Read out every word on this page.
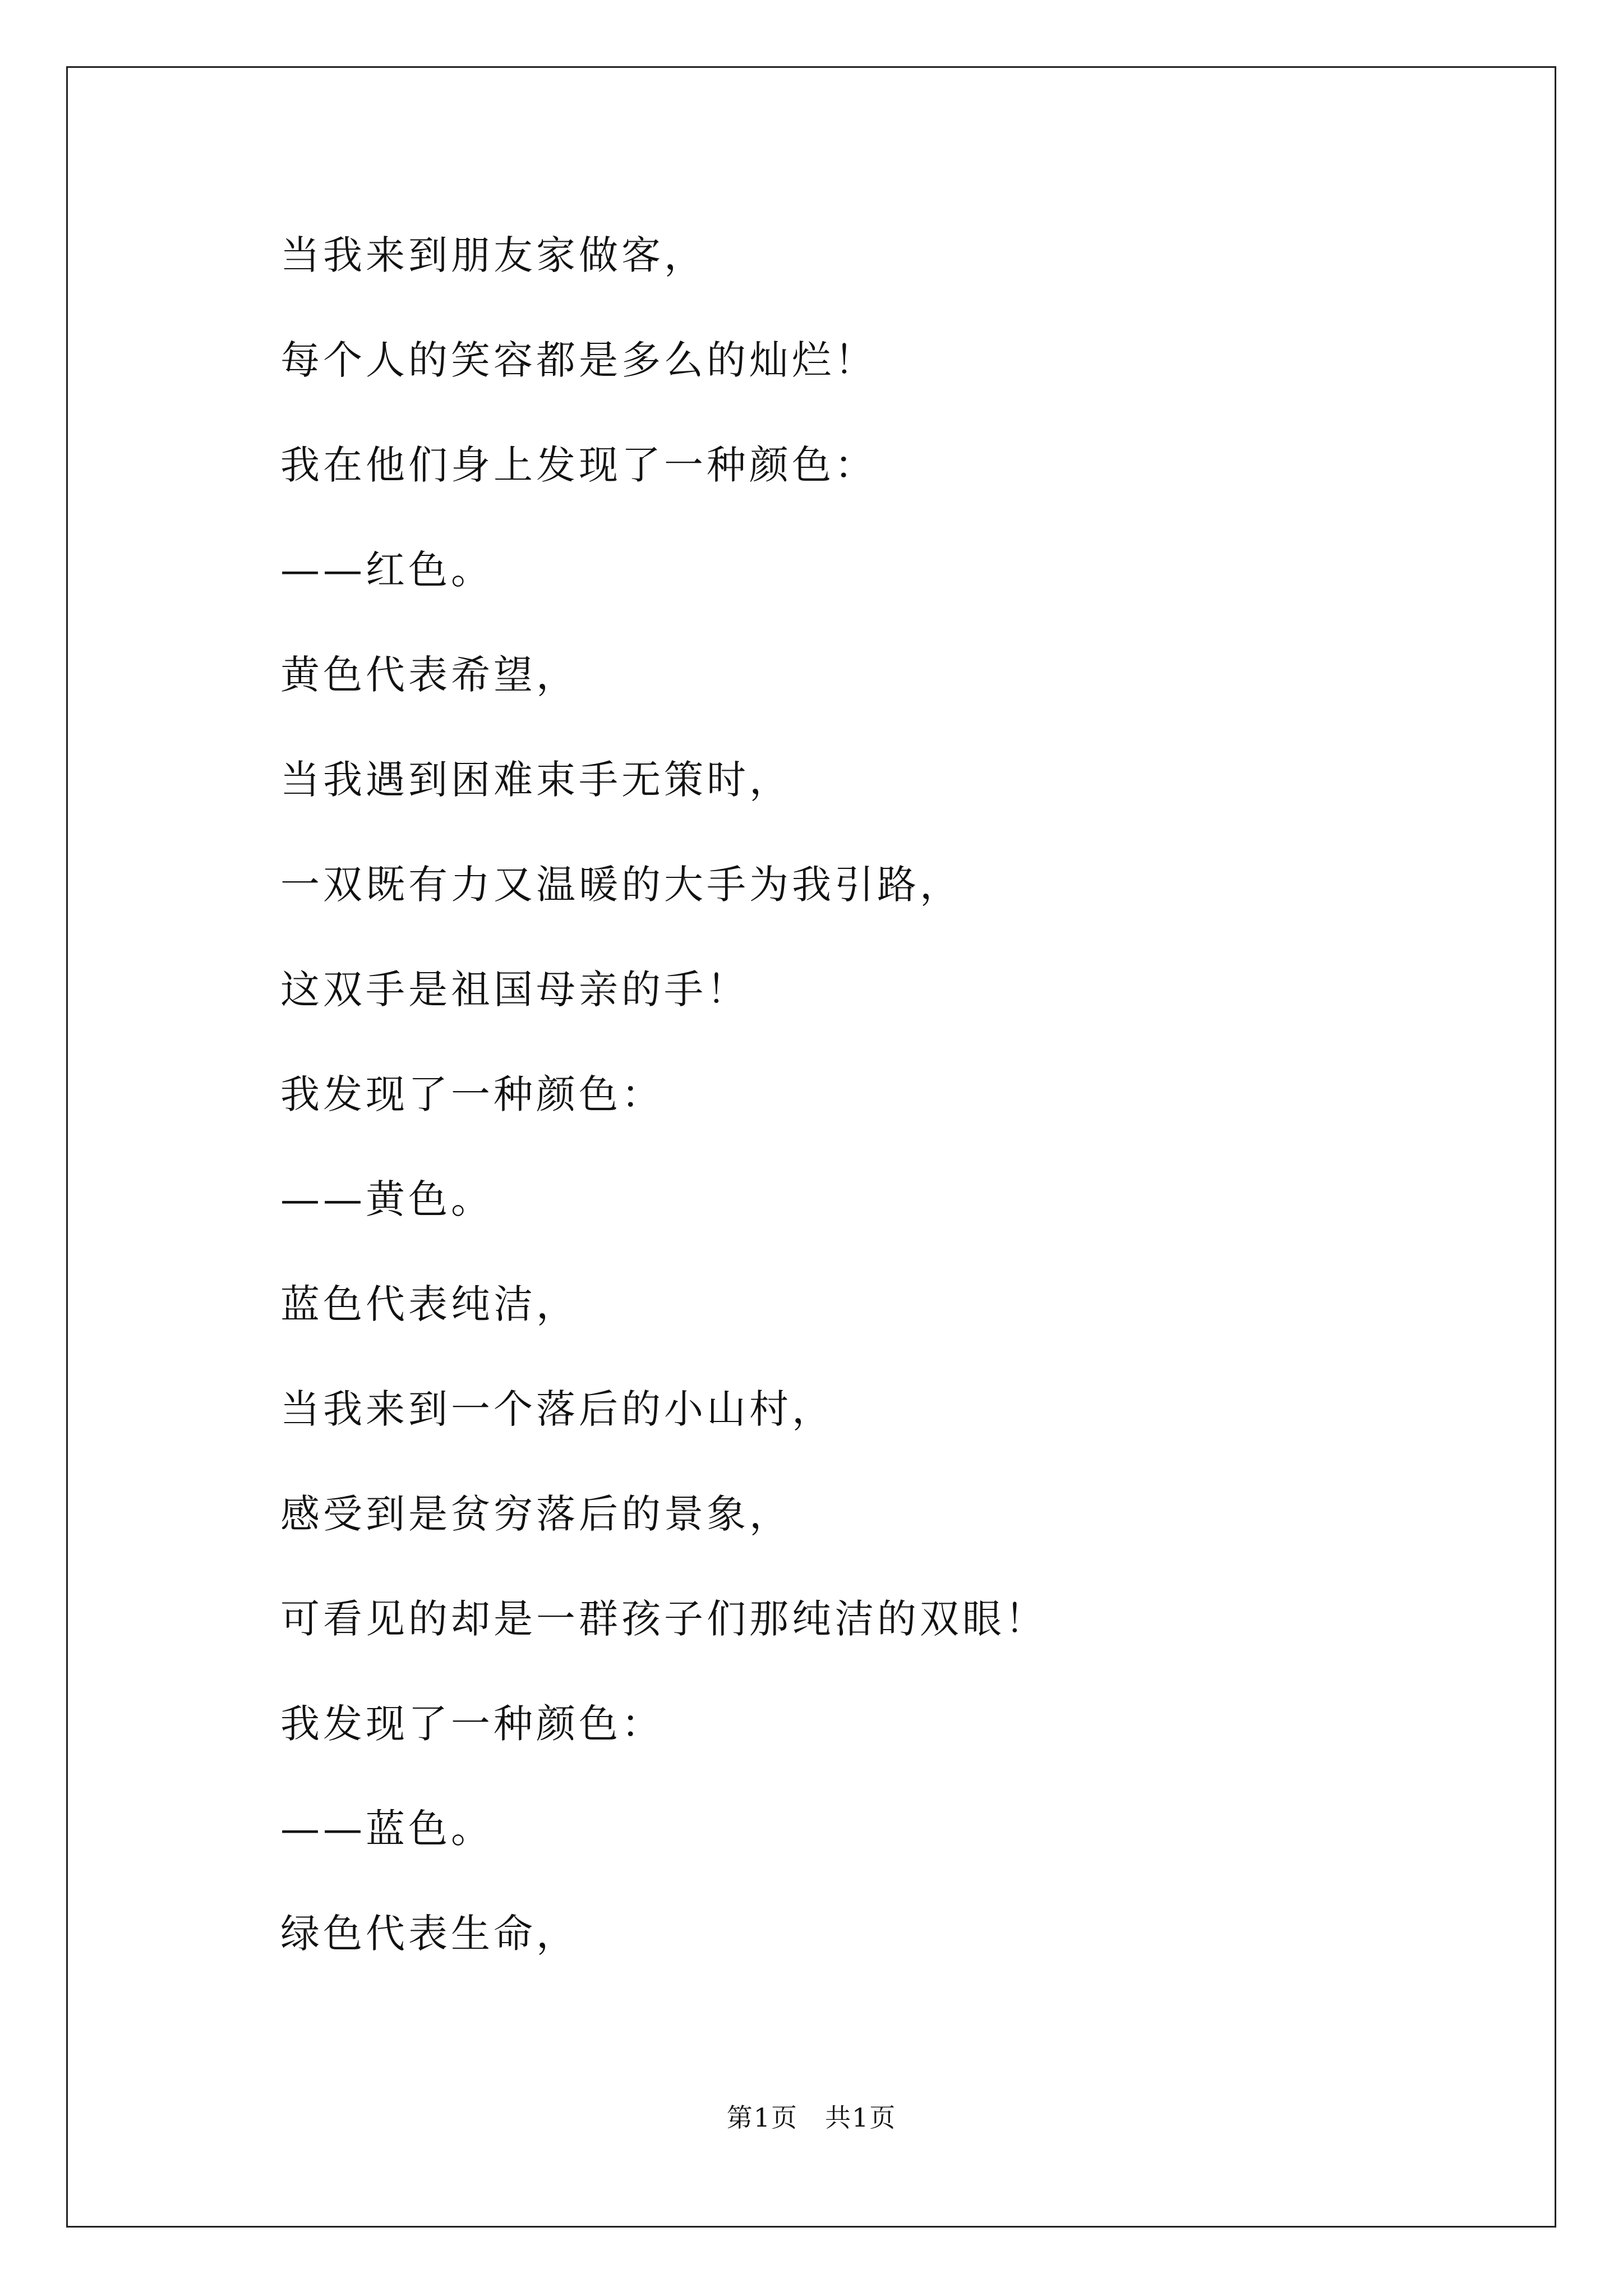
当我来到朋友家做客，
每个人的笑容都是多么的灿烂！
我在他们身上发现了一种颜色：
——红色。
黄色代表希望，
当我遇到困难束手无策时，
一双既有力又温暖的大手为我引路，
这双手是祖国母亲的手！
我发现了一种颜色：
——黄色。
蓝色代表纯洁，
当我来到一个落后的小山村，
感受到是贫穷落后的景象，
可看见的却是一群孩子们那纯洁的双眼！
我发现了一种颜色：
——蓝色。
绿色代表生命，
第1页　共1页
